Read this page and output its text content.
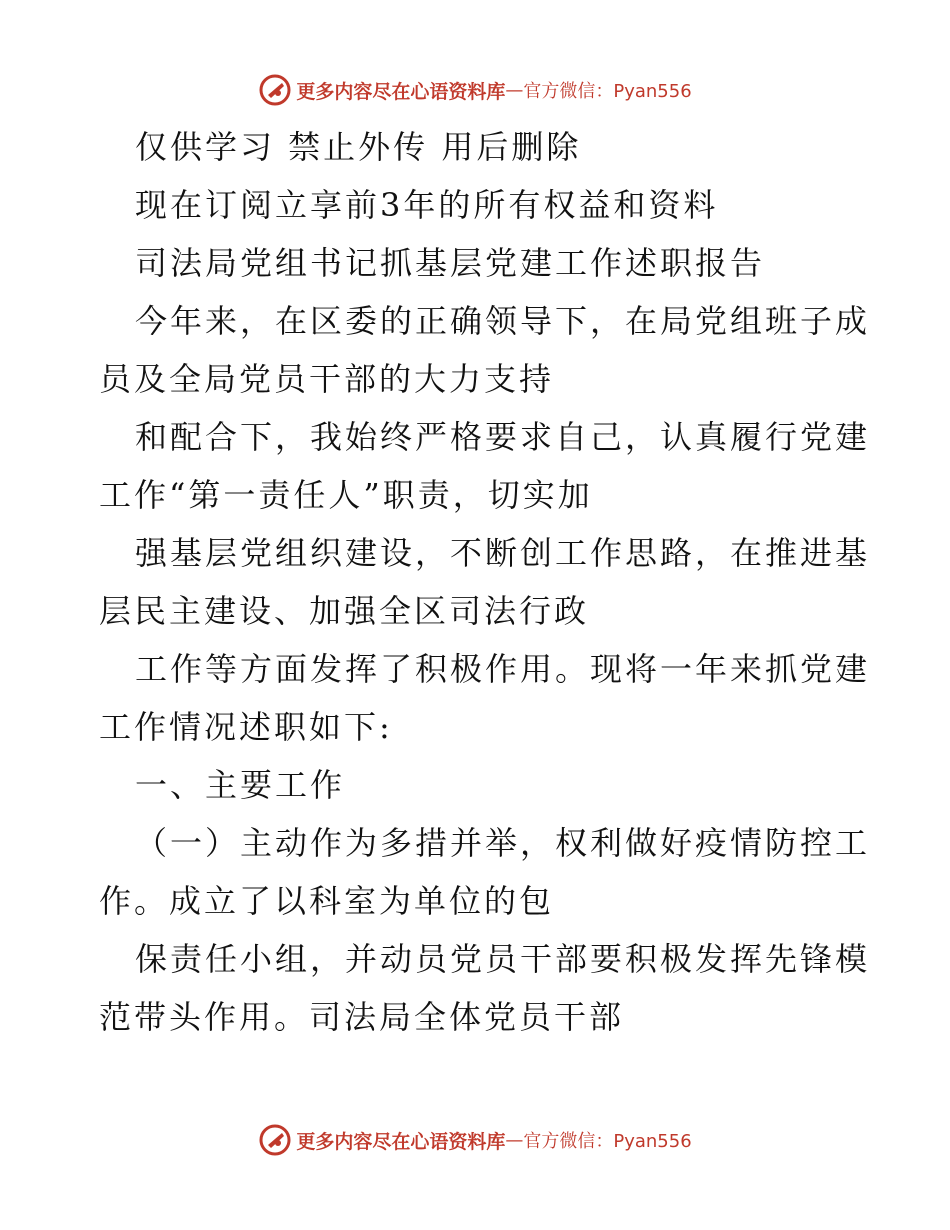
更多内容尽在心语资料库 — 官方微信：Pyan556
仅供学习 禁止外传 用后删除
现在订阅立享前3年的所有权益和资料
司法局党组书记抓基层党建工作述职报告
今年来，在区委的正确领导下，在局党组班子成
员及全局党员干部的大力支持
和配合下，我始终严格要求自己，认真履行党建
工作“第一责任人”职责，切实加
强基层党组织建设，不断创工作思路，在推进基
层民主建设、加强全区司法行政
工作等方面发挥了积极作用。现将一年来抓党建
工作情况述职如下:
一、主要工作
（一）主动作为多措并举，权利做好疫情防控工
作。成立了以科室为单位的包
保责任小组，并动员党员干部要积极发挥先锋模
范带头作用。司法局全体党员干部
更多内容尽在心语资料库 — 官方微信：Pyan556
